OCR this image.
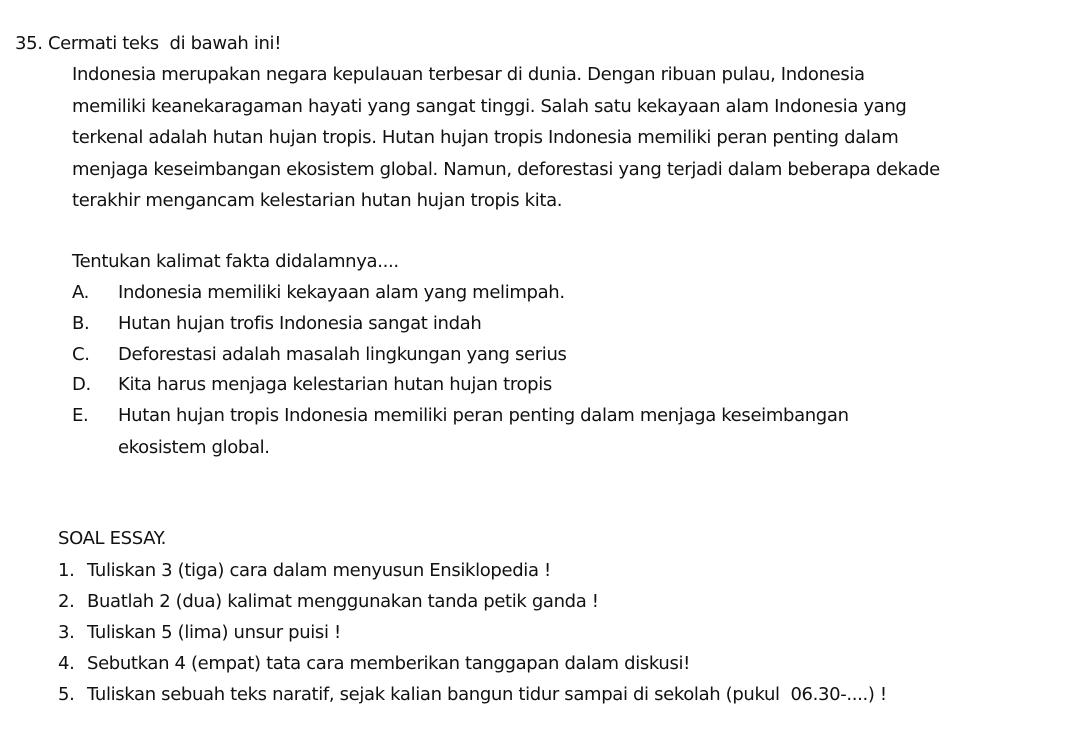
35. Cermati teks  di bawah ini!
Indonesia merupakan negara kepulauan terbesar di dunia. Dengan ribuan pulau, Indonesia
memiliki keanekaragaman hayati yang sangat tinggi. Salah satu kekayaan alam Indonesia yang
terkenal adalah hutan hujan tropis. Hutan hujan tropis Indonesia memiliki peran penting dalam
menjaga keseimbangan ekosistem global. Namun, deforestasi yang terjadi dalam beberapa dekade
terakhir mengancam kelestarian hutan hujan tropis kita.
Tentukan kalimat fakta didalamnya....
A. Indonesia memiliki kekayaan alam yang melimpah.
B. Hutan hujan trofis Indonesia sangat indah
C. Deforestasi adalah masalah lingkungan yang serius
D. Kita harus menjaga kelestarian hutan hujan tropis
E. Hutan hujan tropis Indonesia memiliki peran penting dalam menjaga keseimbangan
ekosistem global.
SOAL ESSAY.
1. Tuliskan 3 (tiga) cara dalam menyusun Ensiklopedia !
2. Buatlah 2 (dua) kalimat menggunakan tanda petik ganda !
3. Tuliskan 5 (lima) unsur puisi !
4. Sebutkan 4 (empat) tata cara memberikan tanggapan dalam diskusi!
5. Tuliskan sebuah teks naratif, sejak kalian bangun tidur sampai di sekolah (pukul  06.30-....) !
